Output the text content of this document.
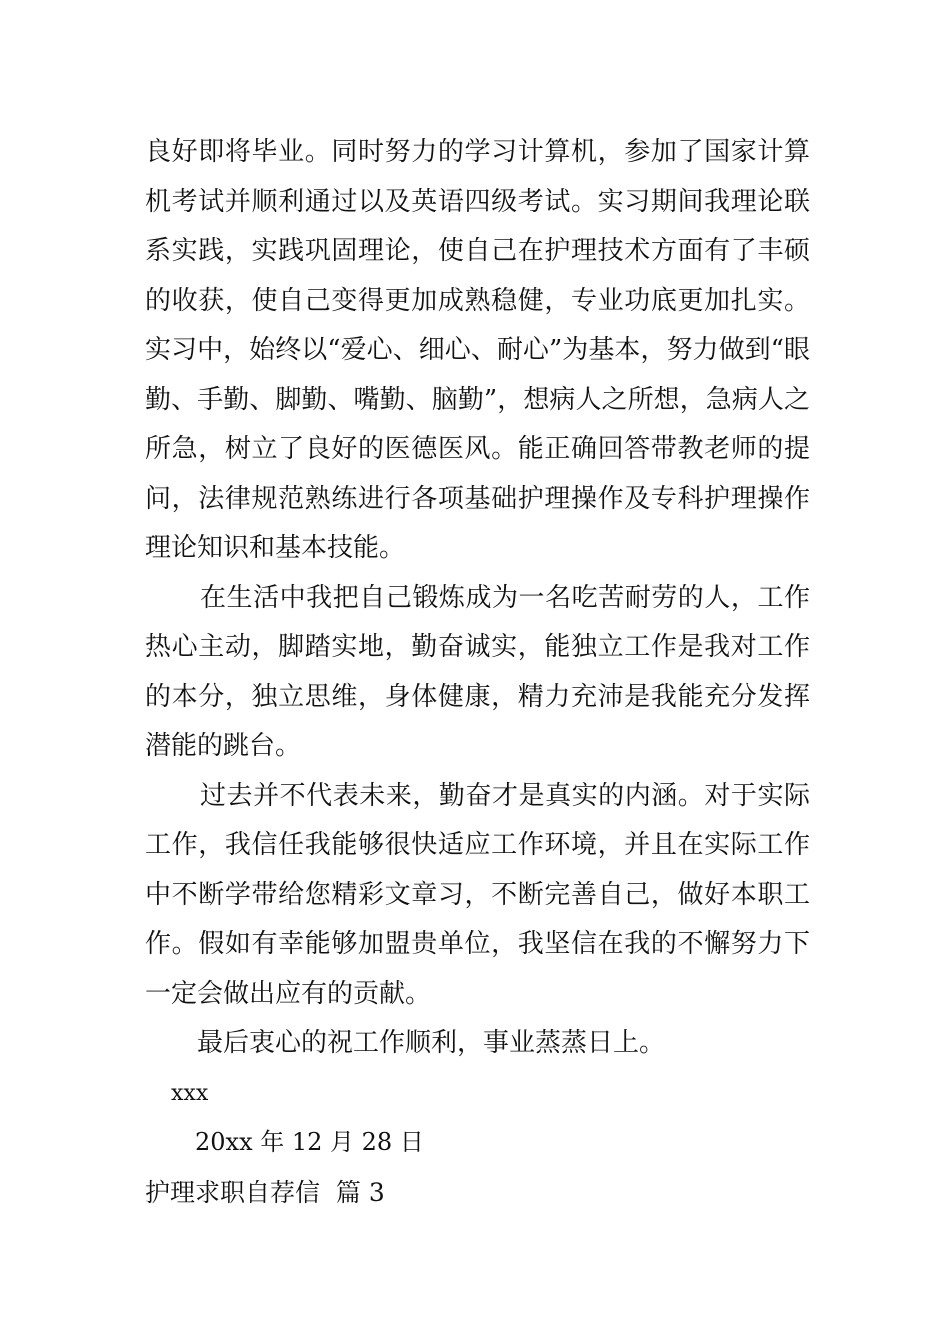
良好即将毕业。同时努力的学习计算机，参加了国家计算机考试并顺利通过以及英语四级考试。实习期间我理论联系实践，实践巩固理论，使自己在护理技术方面有了丰硕的收获，使自己变得更加成熟稳健，专业功底更加扎实。实习中，始终以“爱心、细心、耐心”为基本，努力做到“眼勤、手勤、脚勤、嘴勤、脑勤”，想病人之所想，急病人之所急，树立了良好的医德医风。能正确回答带教老师的提问，法律规范熟练进行各项基础护理操作及专科护理操作理论知识和基本技能。

在生活中我把自己锻炼成为一名吃苦耐劳的人，工作热心主动，脚踏实地，勤奋诚实，能独立工作是我对工作的本分，独立思维，身体健康，精力充沛是我能充分发挥潜能的跳台。

过去并不代表未来，勤奋才是真实的内涵。对于实际工作，我信任我能够很快适应工作环境，并且在实际工作中不断学带给您精彩文章习，不断完善自己，做好本职工作。假如有幸能够加盟贵单位，我坚信在我的不懈努力下一定会做出应有的贡献。

最后衷心的祝工作顺利，事业蒸蒸日上。

xxx

20xx 年 12 月 28 日

护理求职自荐信  篇 3
